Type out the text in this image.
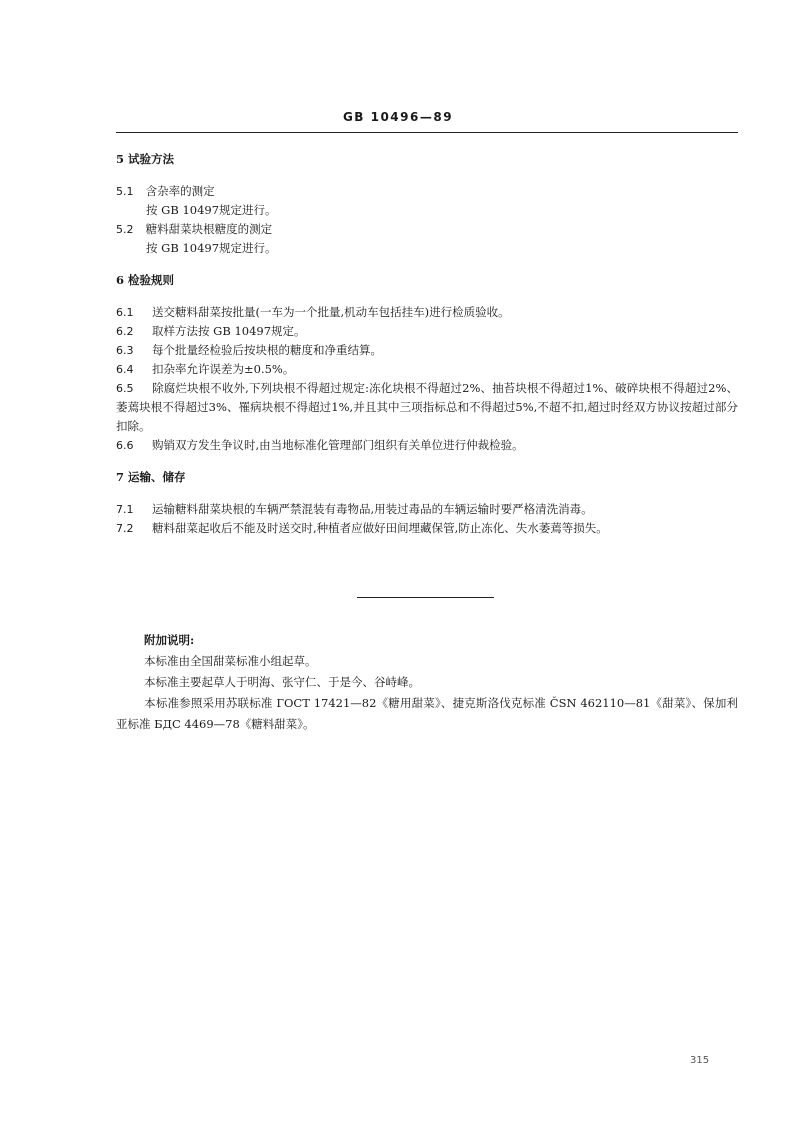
GB 10496—89
5 试验方法
5.1 含杂率的测定
按 GB 10497规定进行。
5.2 糖料甜菜块根糖度的测定
按 GB 10497规定进行。
6 检验规则
6.1 送交糖料甜菜按批量(一车为一个批量,机动车包括挂车)进行检质验收。
6.2 取样方法按 GB 10497规定。
6.3 每个批量经检验后按块根的糖度和净重结算。
6.4 扣杂率允许误差为±0.5%。
6.5 除腐烂块根不收外,下列块根不得超过规定:冻化块根不得超过2%、抽苔块根不得超过1%、破碎块根不得超过2%、萎蔫块根不得超过3%、罹病块根不得超过1%,并且其中三项指标总和不得超过5%,不超不扣,超过时经双方协议按超过部分扣除。
6.6 购销双方发生争议时,由当地标准化管理部门组织有关单位进行仲裁检验。
7 运输、储存
7.1 运输糖料甜菜块根的车辆严禁混装有毒物品,用装过毒品的车辆运输时要严格清洗消毒。
7.2 糖料甜菜起收后不能及时送交时,种植者应做好田间埋藏保管,防止冻化、失水萎蔫等损失。
附加说明:
本标准由全国甜菜标准小组起草。
本标准主要起草人于明海、张守仁、于是今、谷峙峰。
本标准参照采用苏联标准 ГОСТ 17421—82《糖用甜菜》、捷克斯洛伐克标准 ČSN 462110—81《甜菜》、保加利亚标准 БДС 4469—78《糖料甜菜》。
315
